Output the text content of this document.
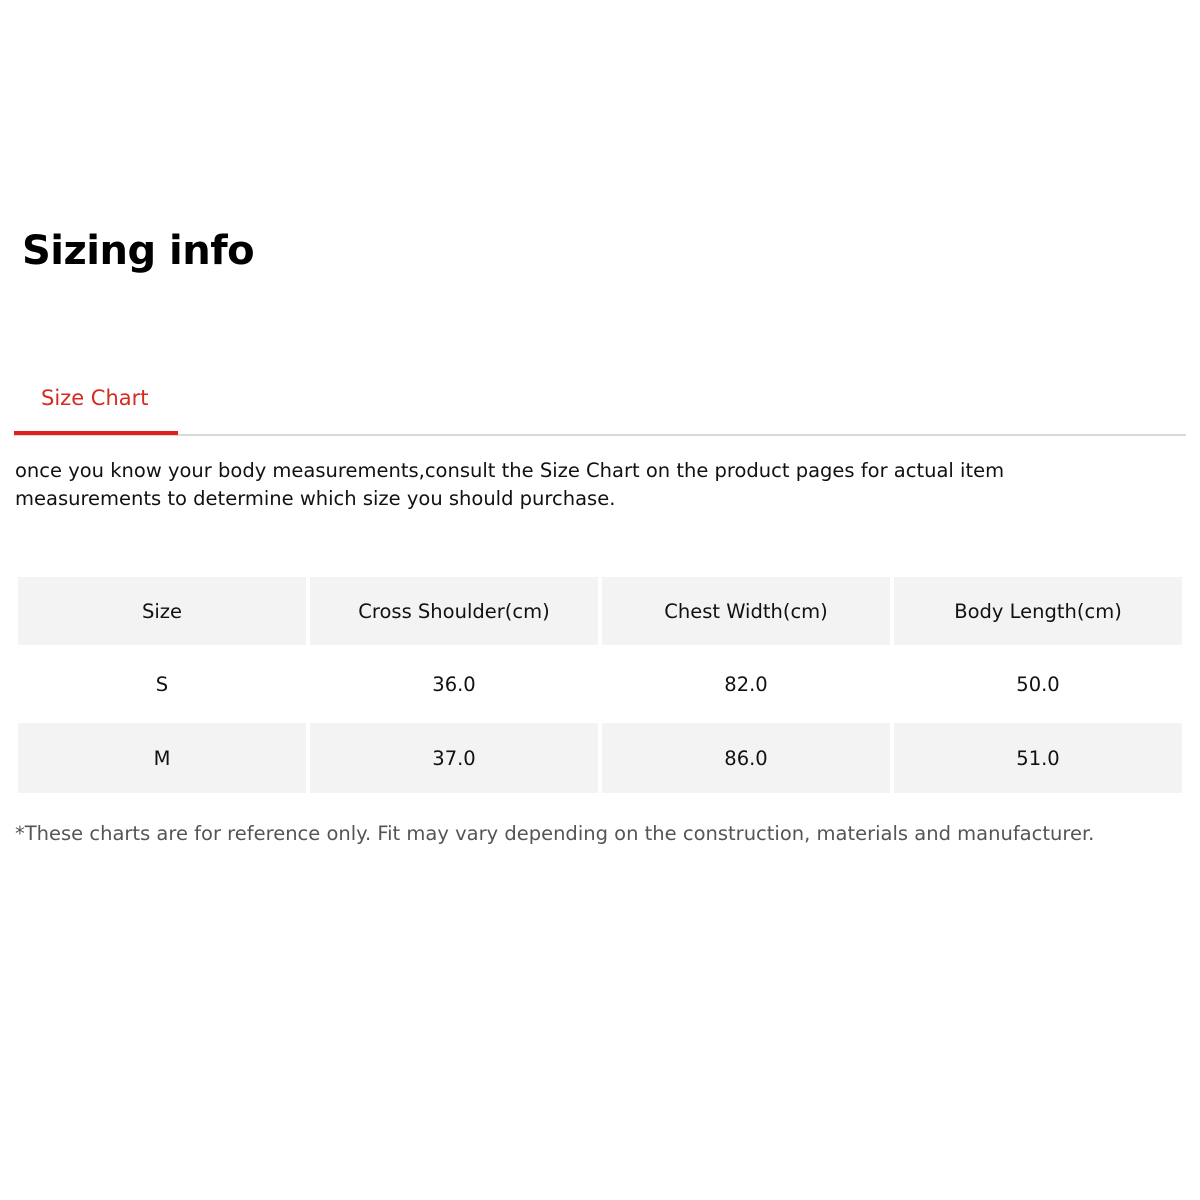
Sizing info
Size Chart

once you know your body measurements,consult the Size Chart on the product pages for actual item measurements to determine which size you should purchase.

Size	Cross Shoulder(cm)	Chest Width(cm)	Body Length(cm)
S	36.0	82.0	50.0
M	37.0	86.0	51.0

*These charts are for reference only. Fit may vary depending on the construction, materials and manufacturer.
